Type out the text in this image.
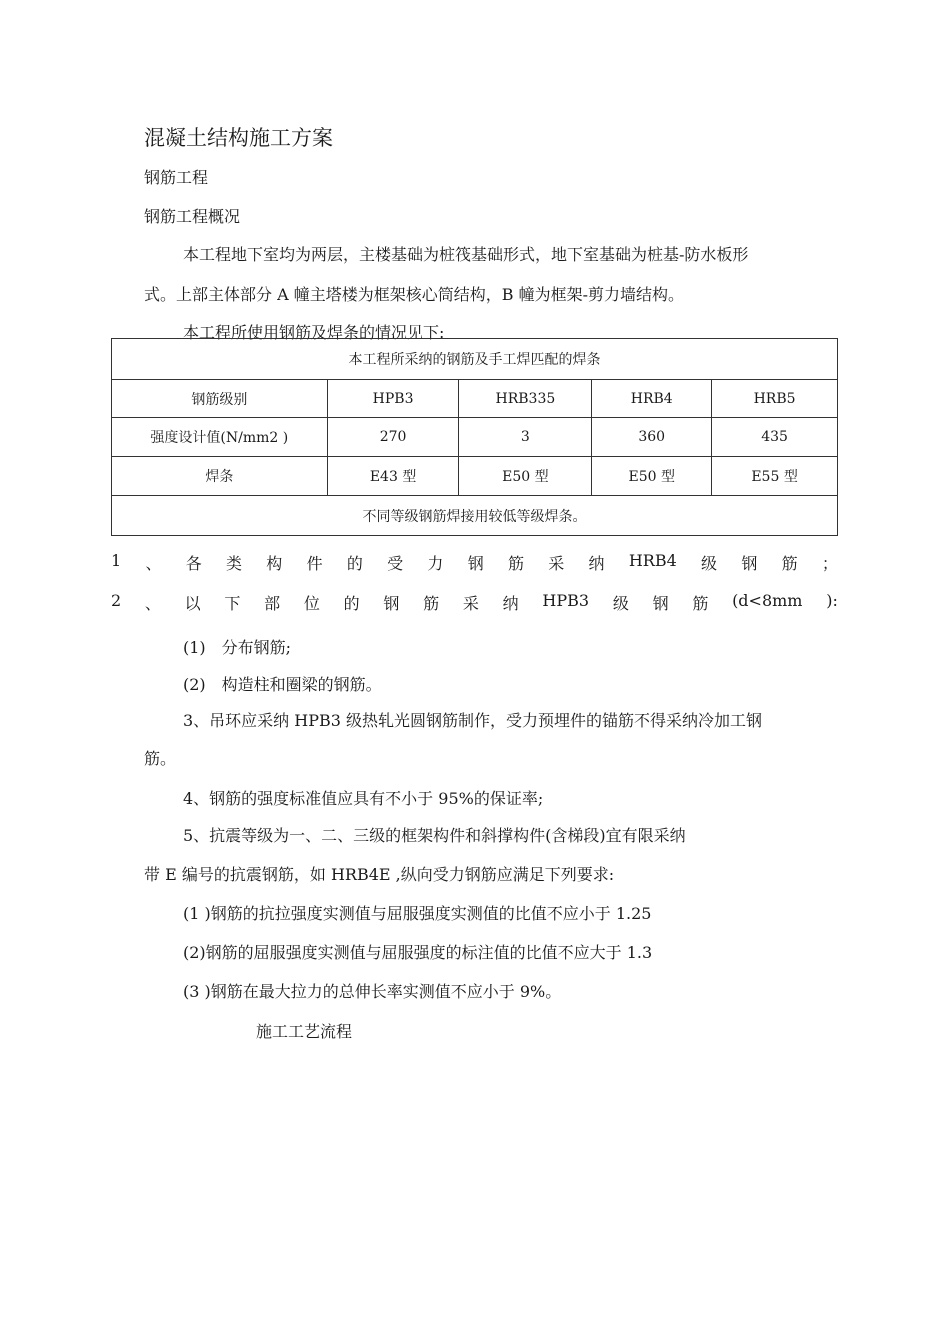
混凝土结构施工方案
钢筋工程
钢筋工程概况
本工程地下室均为两层，主楼基础为桩筏基础形式，地下室基础为桩基-防水板形
式。上部主体部分 A 幢主塔楼为框架核心筒结构，B 幢为框架-剪力墙结构。
本工程所使用钢筋及焊条的情况见下:
本工程所采纳的钢筋及手工焊匹配的焊条				
钢筋级别	HPB3	HRB335	HRB4	HRB5
强度设计值(N/mm2 )	270	3	360	435
焊条	E43 型	E50 型	E50 型	E55 型
不同等级钢筋焊接用较低等级焊条。				
1 、 各 类 构 件 的 受 力 钢 筋 采 纳 HRB4 级 钢 筋 ；
2 、 以 下 部 位 的 钢 筋 采 纳 HPB3 级 钢 筋 (d<8mm ):
(1)　分布钢筋;
(2)　构造柱和圈梁的钢筋。
3、吊环应采纳 HPB3 级热轧光圆钢筋制作，受力预埋件的锚筋不得采纳冷加工钢
筋。
4、钢筋的强度标准值应具有不小于 95%的保证率;
5、抗震等级为一、二、三级的框架构件和斜撑构件(含梯段)宜有限采纳
带 E 编号的抗震钢筋，如 HRB4E ,纵向受力钢筋应满足下列要求:
(1 )钢筋的抗拉强度实测值与屈服强度实测值的比值不应小于 1.25
(2)钢筋的屈服强度实测值与屈服强度的标注值的比值不应大于 1.3
(3 )钢筋在最大拉力的总伸长率实测值不应小于 9%。
施工工艺流程
